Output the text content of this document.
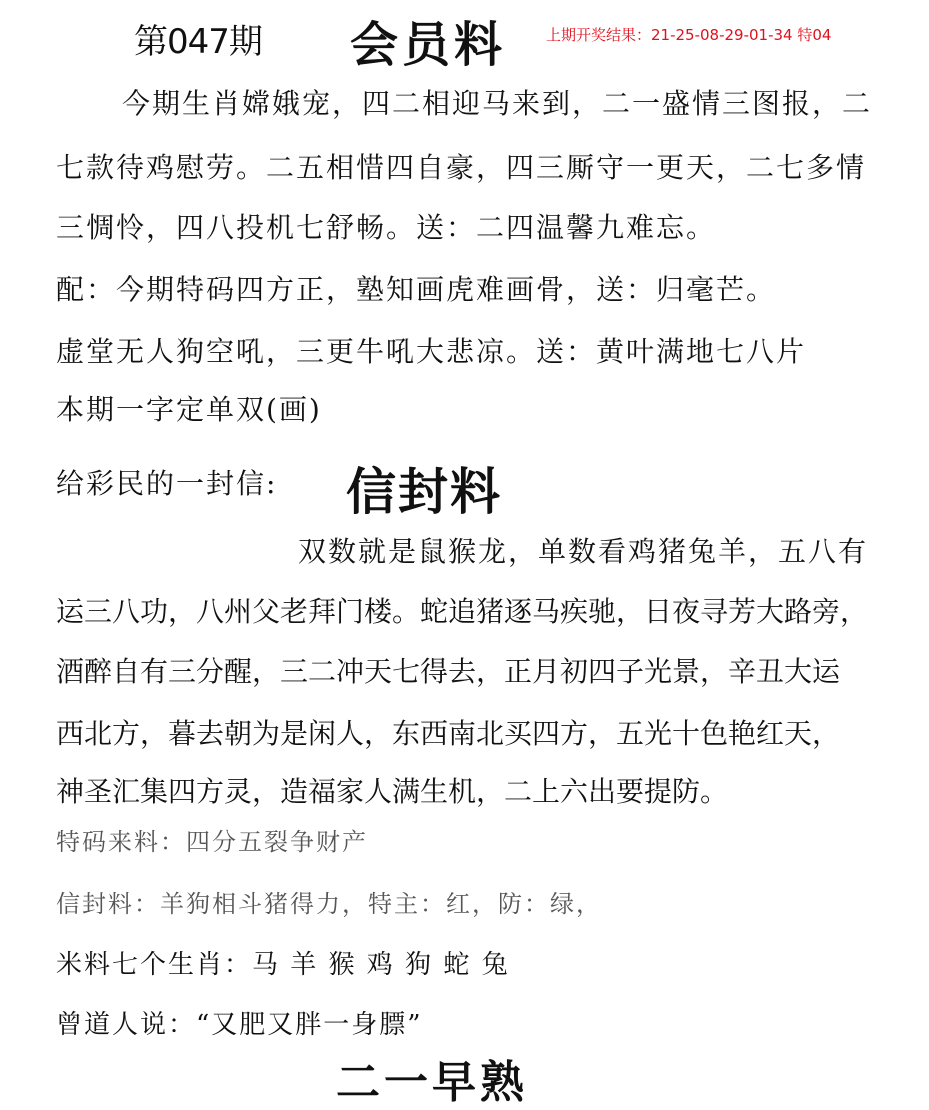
第047期 会员料	上期开奖结果：21-25-08-29-01-34 特04
今期生肖嫦娥宠，四二相迎马来到，二一盛情三图报，二
七款待鸡慰劳。二五相惜四自豪，四三厮守一更天，二七多情
三惆怜，四八投机七舒畅。送：二四温馨九难忘。
配：今期特码四方正，塾知画虎难画骨，送：归毫芒。
虚堂无人狗空吼，三更牛吼大悲凉。送：黄叶满地七八片
本期一字定单双(画)
给彩民的一封信: 信封料
双数就是鼠猴龙，单数看鸡猪兔羊，五八有
运三八功，八州父老拜门楼。蛇追猪逐马疾驰，日夜寻芳大路旁，
酒醉自有三分醒，三二冲天七得去，正月初四子光景，辛丑大运
西北方，暮去朝为是闲人，东西南北买四方，五光十色艳红天，
神圣汇集四方灵，造福家人满生机，二上六出要提防。
特码来料：四分五裂争财产
信封料：羊狗相斗猪得力，特主：红，防：绿，
米料七个生肖：马 羊 猴 鸡 狗 蛇 兔
曾道人说：“又肥又胖一身膘”
二一早熟
